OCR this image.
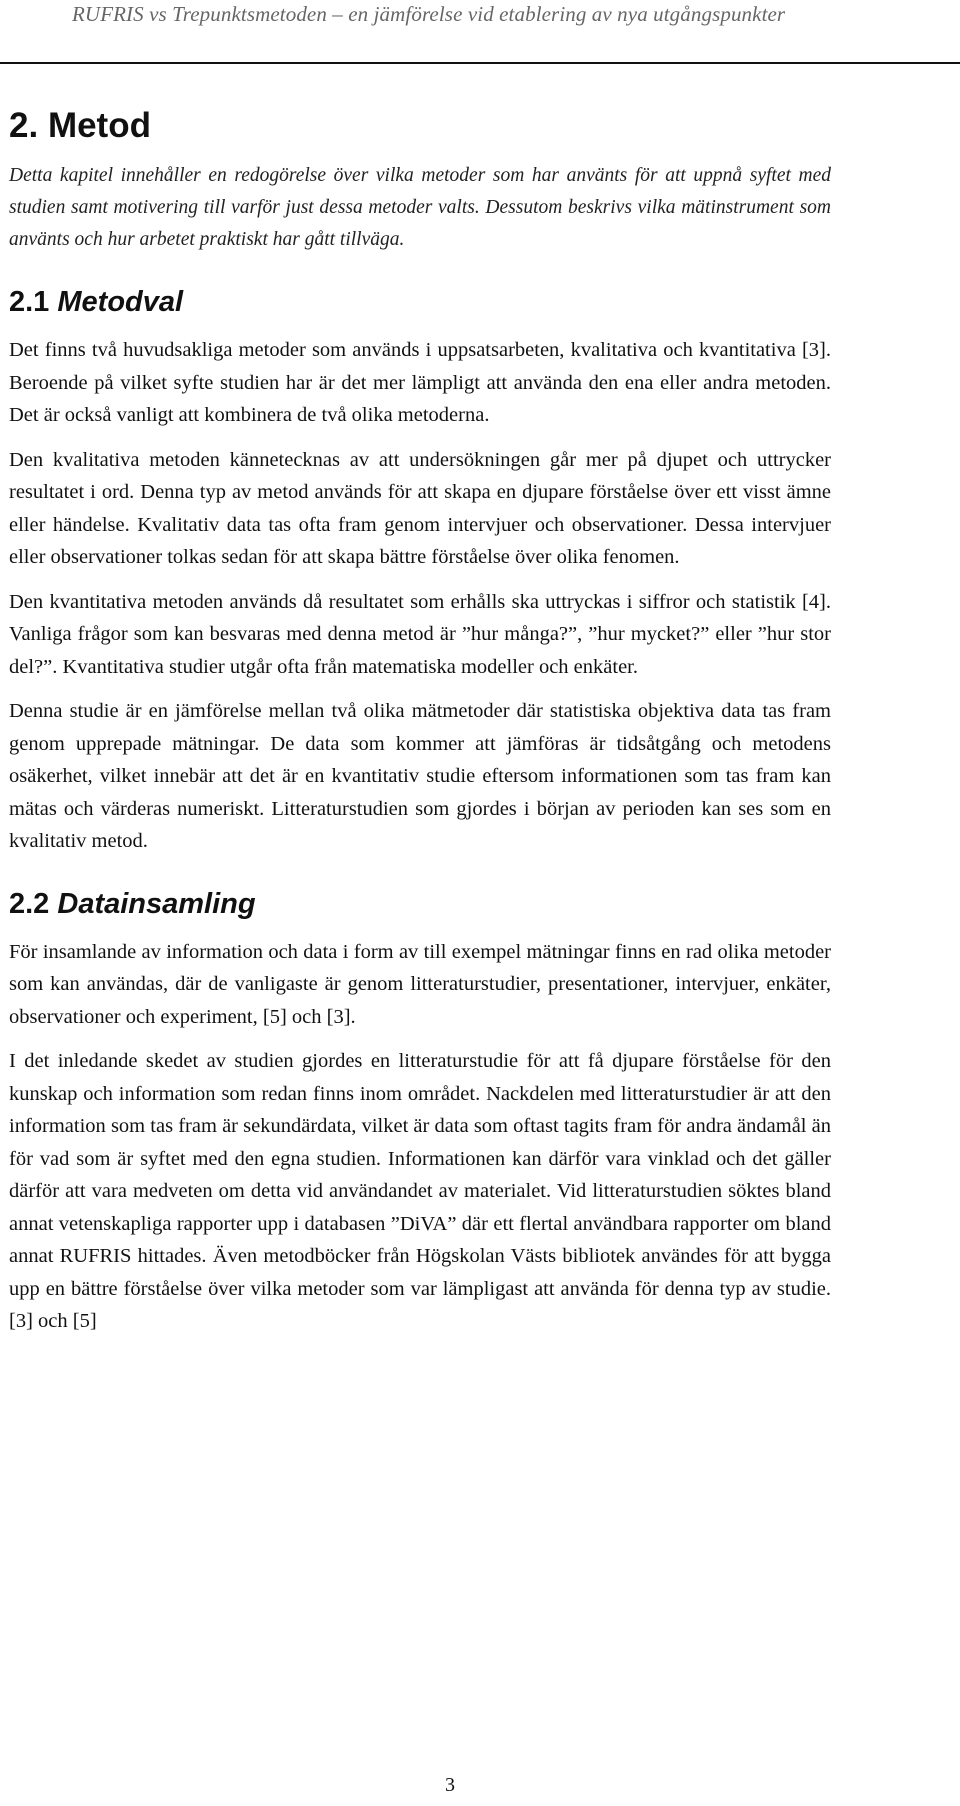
RUFRIS vs Trepunktsmetoden – en jämförelse vid etablering av nya utgångspunkter
2. Metod

Detta kapitel innehåller en redogörelse över vilka metoder som har använts för att uppnå syftet med studien samt motivering till varför just dessa metoder valts. Dessutom beskrivs vilka mätinstrument som använts och hur arbetet praktiskt har gått tillväga.

2.1 Metodval

Det finns två huvudsakliga metoder som används i uppsatsarbeten, kvalitativa och kvantitativa [3]. Beroende på vilket syfte studien har är det mer lämpligt att använda den ena eller andra metoden. Det är också vanligt att kombinera de två olika metoderna.

Den kvalitativa metoden kännetecknas av att undersökningen går mer på djupet och uttrycker resultatet i ord. Denna typ av metod används för att skapa en djupare förståelse över ett visst ämne eller händelse. Kvalitativ data tas ofta fram genom intervjuer och observationer. Dessa intervjuer eller observationer tolkas sedan för att skapa bättre förståelse över olika fenomen.

Den kvantitativa metoden används då resultatet som erhålls ska uttryckas i siffror och statistik [4]. Vanliga frågor som kan besvaras med denna metod är ”hur många?”, ”hur mycket?” eller ”hur stor del?”. Kvantitativa studier utgår ofta från matematiska modeller och enkäter.

Denna studie är en jämförelse mellan två olika mätmetoder där statistiska objektiva data tas fram genom upprepade mätningar. De data som kommer att jämföras är tidsåtgång och metodens osäkerhet, vilket innebär att det är en kvantitativ studie eftersom informationen som tas fram kan mätas och värderas numeriskt. Litteraturstudien som gjordes i början av perioden kan ses som en kvalitativ metod.

2.2 Datainsamling

För insamlande av information och data i form av till exempel mätningar finns en rad olika metoder som kan användas, där de vanligaste är genom litteraturstudier, presentationer, intervjuer, enkäter, observationer och experiment, [5] och [3].

I det inledande skedet av studien gjordes en litteraturstudie för att få djupare förståelse för den kunskap och information som redan finns inom området. Nackdelen med litteraturstudier är att den information som tas fram är sekundärdata, vilket är data som oftast tagits fram för andra ändamål än för vad som är syftet med den egna studien. Informationen kan därför vara vinklad och det gäller därför att vara medveten om detta vid användandet av materialet. Vid litteraturstudien söktes bland annat vetenskapliga rapporter upp i databasen ”DiVA” där ett flertal användbara rapporter om bland annat RUFRIS hittades. Även metodböcker från Högskolan Västs bibliotek användes för att bygga upp en bättre förståelse över vilka metoder som var lämpligast att använda för denna typ av studie. [3] och [5]

3
